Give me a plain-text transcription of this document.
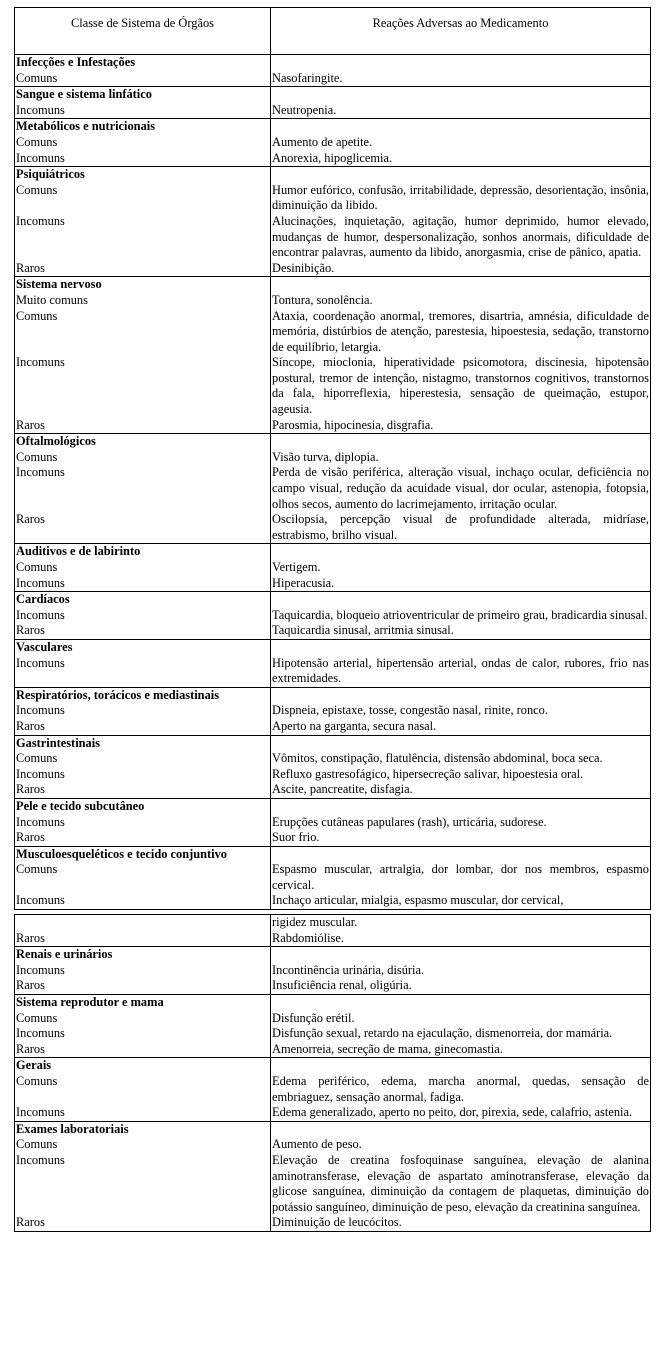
Classe de Sistema de Órgãos	Reações Adversas ao Medicamento
Infecções e Infestações	
Comuns	Nasofaringite.
Sangue e sistema linfático	
Incomuns	Neutropenia.
Metabólicos e nutricionais	
Comuns	Aumento de apetite.
Incomuns	Anorexia, hipoglicemia.
Psiquiátricos	
Comuns	Humor eufórico, confusão, irritabilidade, depressão, desorientação, insônia, diminuição da libido.
Incomuns	Alucinações, inquietação, agitação, humor deprimido, humor elevado, mudanças de humor, despersonalização, sonhos anormais, dificuldade de encontrar palavras, aumento da libido, anorgasmia, crise de pânico, apatia.
Raros	Desinibição.
Sistema nervoso	
Muito comuns	Tontura, sonolência.
Comuns	Ataxia, coordenação anormal, tremores, disartria, amnésia, dificuldade de memória, distúrbios de atenção, parestesia, hipoestesia, sedação, transtorno de equilíbrio, letargia.
Incomuns	Síncope, mioclonia, hiperatividade psicomotora, discinesia, hipotensão postural, tremor de intenção, nistagmo, transtornos cognitivos, transtornos da fala, hiporreflexia, hiperestesia, sensação de queimação, estupor, ageusia.
Raros	Parosmia, hipocinesia, disgrafia.
Oftalmológicos	
Comuns	Visão turva, diplopia.
Incomuns	Perda de visão periférica, alteração visual, inchaço ocular, deficiência no campo visual, redução da acuidade visual, dor ocular, astenopia, fotopsia, olhos secos, aumento do lacrimejamento, irritação ocular.
Raros	Oscilopsia, percepção visual de profundidade alterada, midríase, estrabismo, brilho visual.
Auditivos e de labirinto	
Comuns	Vertigem.
Incomuns	Hiperacusia.
Cardíacos	
Incomuns	Taquicardia, bloqueio atrioventricular de primeiro grau, bradicardia sinusal.
Raros	Taquicardia sinusal, arritmia sinusal.
Vasculares	
Incomuns	Hipotensão arterial, hipertensão arterial, ondas de calor, rubores, frio nas extremidades.
Respiratórios, torácicos e mediastinais	
Incomuns	Dispneia, epistaxe, tosse, congestão nasal, rinite, ronco.
Raros	Aperto na garganta, secura nasal.
Gastrintestinais	
Comuns	Vômitos, constipação, flatulência, distensão abdominal, boca seca.
Incomuns	Refluxo gastresofágico, hipersecreção salivar, hipoestesia oral.
Raros	Ascite, pancreatite, disfagia.
Pele e tecido subcutâneo	
Incomuns	Erupções cutâneas papulares (rash), urticária, sudorese.
Raros	Suor frio.
Musculoesqueléticos e tecido conjuntivo	
Comuns	Espasmo muscular, artralgia, dor lombar, dor nos membros, espasmo cervical.
Incomuns	Inchaço articular, mialgia, espasmo muscular, dor cervical,
	rigidez muscular.
Raros	Rabdomiólise.
Renais e urinários	
Incomuns	Incontinência urinária, disúria.
Raros	Insuficiência renal, oligúria.
Sistema reprodutor e mama	
Comuns	Disfunção erétil.
Incomuns	Disfunção sexual, retardo na ejaculação, dismenorreia, dor mamária.
Raros	Amenorreia, secreção de mama, ginecomastia.
Gerais	
Comuns	Edema periférico, edema, marcha anormal, quedas, sensação de embriaguez, sensação anormal, fadiga.
Incomuns	Edema generalizado, aperto no peito, dor, pirexia, sede, calafrio, astenia.
Exames laboratoriais	
Comuns	Aumento de peso.
Incomuns	Elevação de creatina fosfoquinase sanguínea, elevação de alanina aminotransferase, elevação de aspartato aminotransferase, elevação da glicose sanguínea, diminuição da contagem de plaquetas, diminuição do potássio sanguíneo, diminuição de peso, elevação da creatinina sanguínea.
Raros	Diminuição de leucócitos.
